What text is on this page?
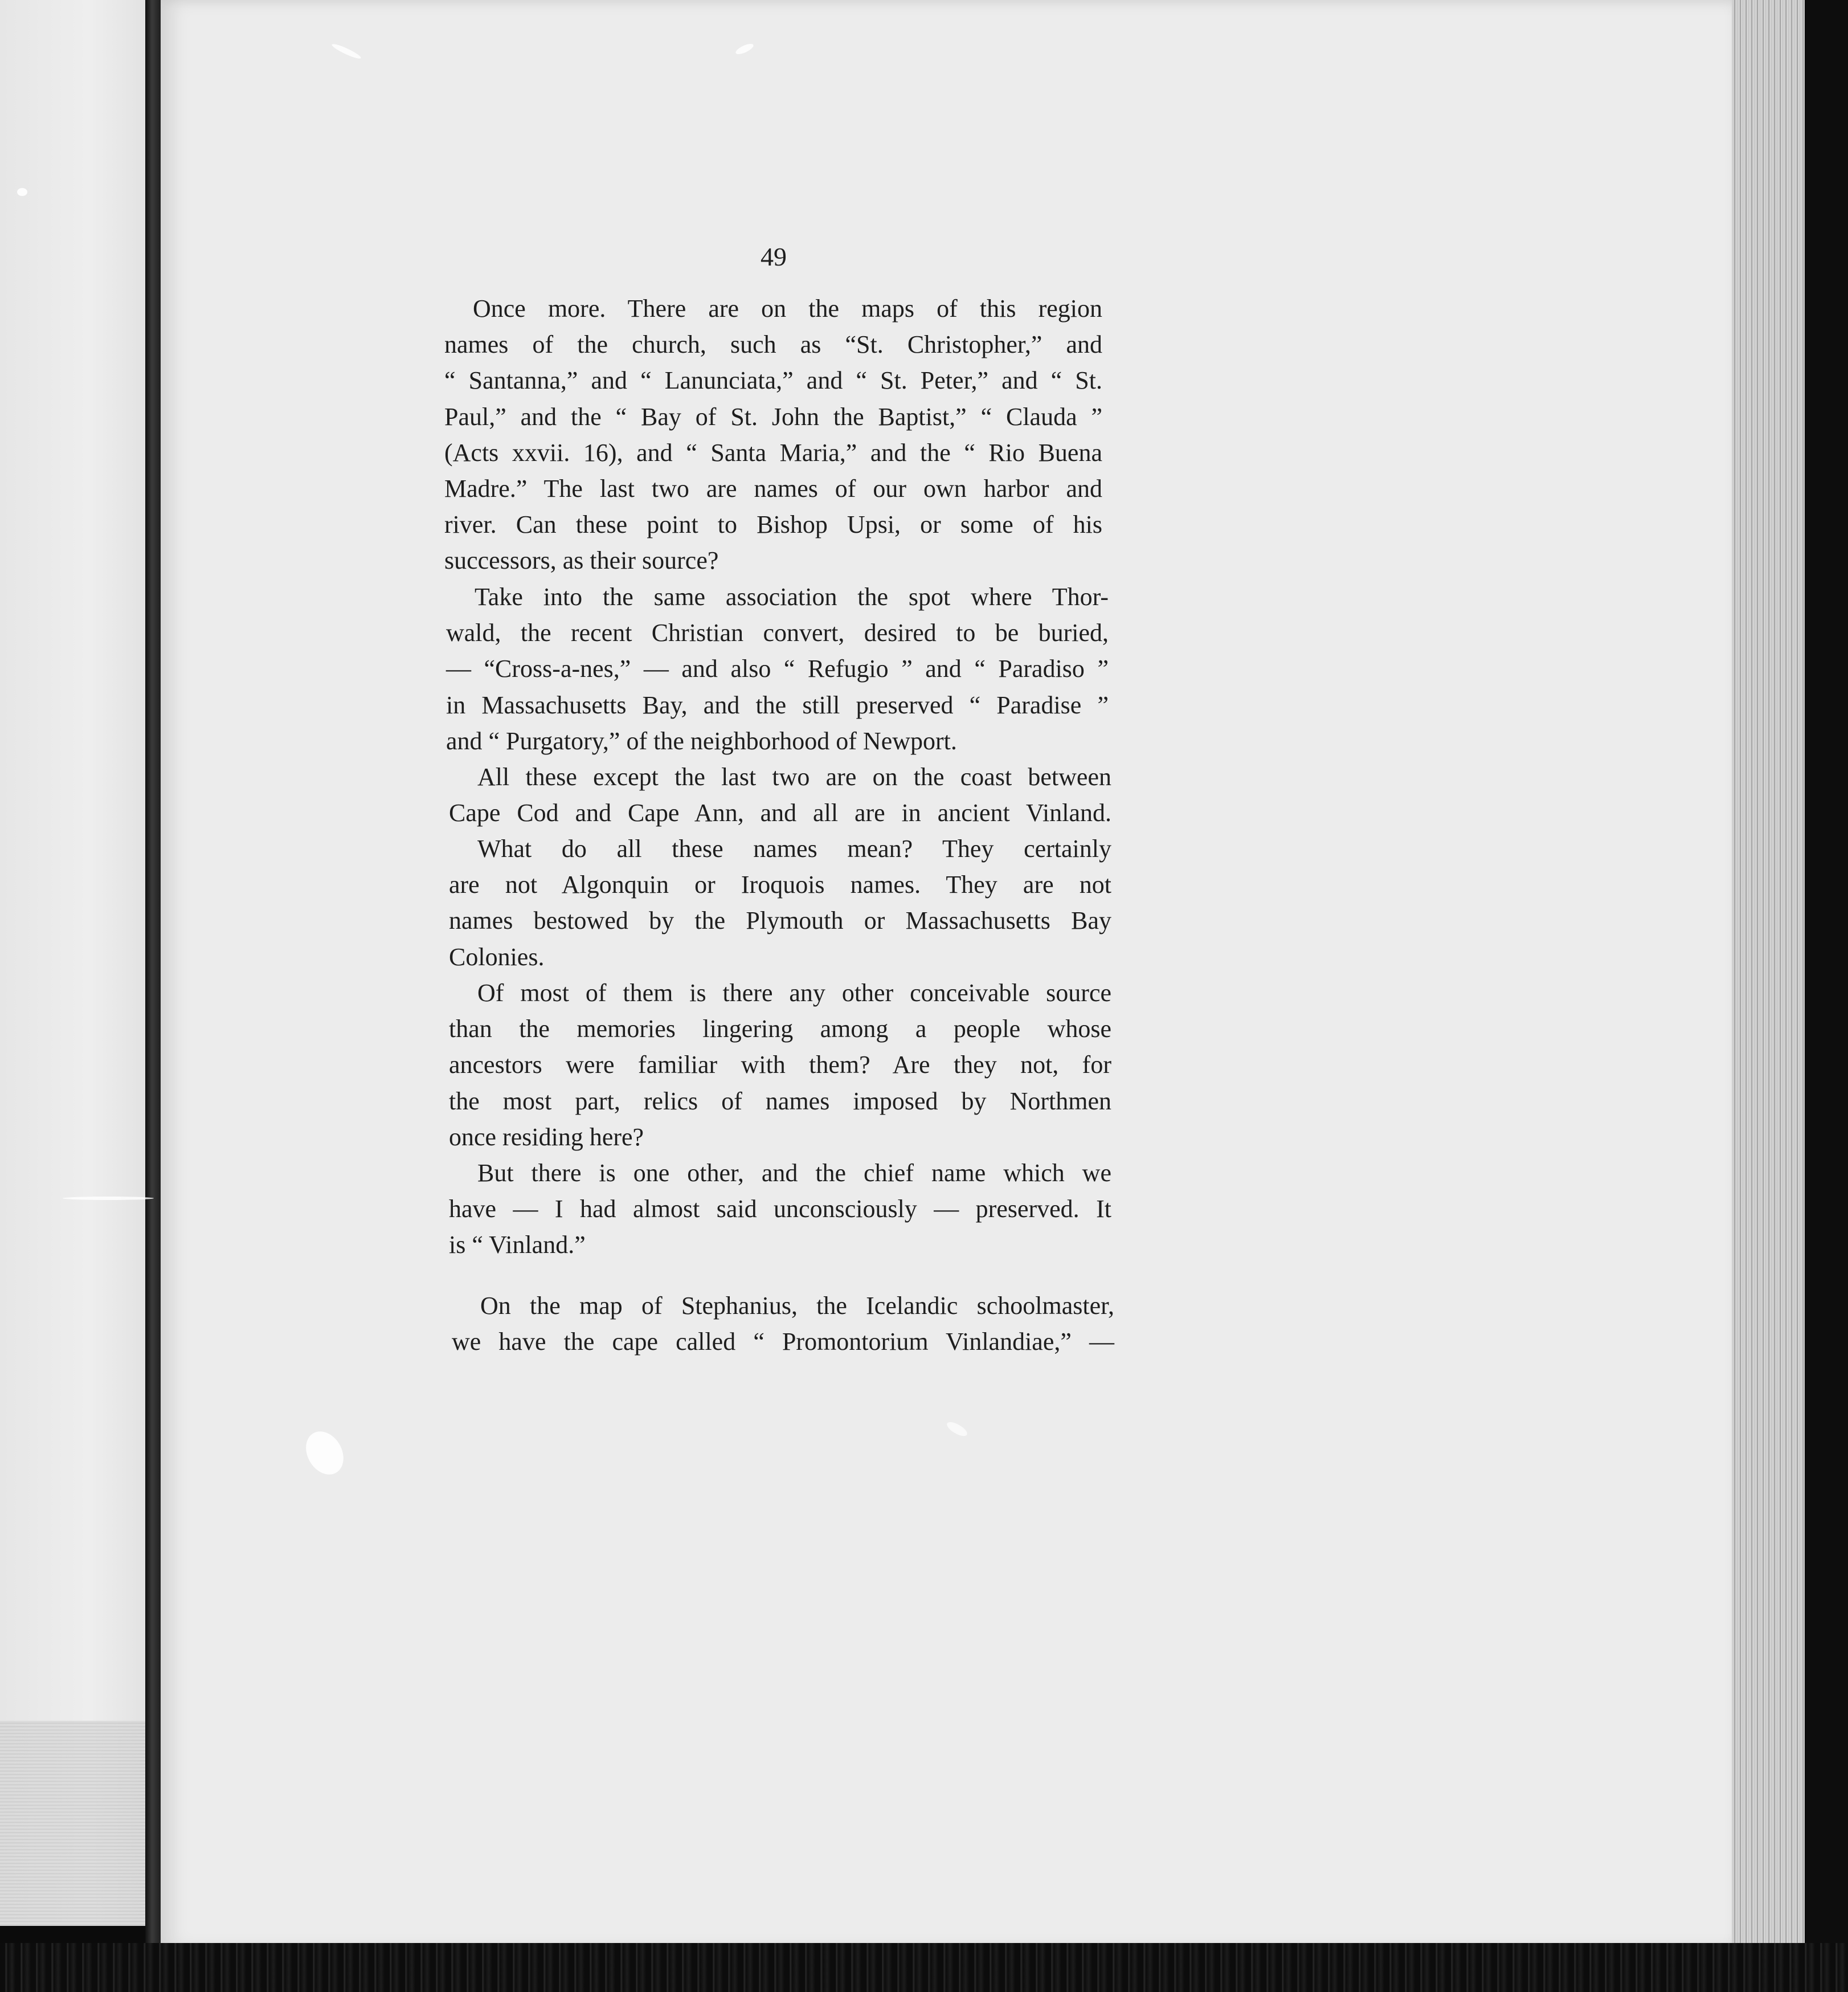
49
Once more. There are on the maps of this region
names of the church, such as “St. Christopher,” and
“ Santanna,” and “ Lanunciata,” and “ St. Peter,” and “ St.
Paul,” and the “ Bay of St. John the Baptist,” “ Clauda ”
(Acts xxvii. 16), and “ Santa Maria,” and the “ Rio Buena
Madre.” The last two are names of our own harbor and
river. Can these point to Bishop Upsi, or some of his
successors, as their source?
Take into the same association the spot where Thor-
wald, the recent Christian convert, desired to be buried,
— “Cross-a-nes,” — and also “ Refugio ” and “ Paradiso ”
in Massachusetts Bay, and the still preserved “ Paradise ”
and “ Purgatory,” of the neighborhood of Newport.
All these except the last two are on the coast between
Cape Cod and Cape Ann, and all are in ancient Vinland.
What do all these names mean? They certainly
are not Algonquin or Iroquois names. They are not
names bestowed by the Plymouth or Massachusetts Bay
Colonies.
Of most of them is there any other conceivable source
than the memories lingering among a people whose
ancestors were familiar with them? Are they not, for
the most part, relics of names imposed by Northmen
once residing here?
But there is one other, and the chief name which we
have — I had almost said unconsciously — preserved. It
is “ Vinland.”
On the map of Stephanius, the Icelandic schoolmaster,
we have the cape called “ Promontorium Vinlandiae,” —
